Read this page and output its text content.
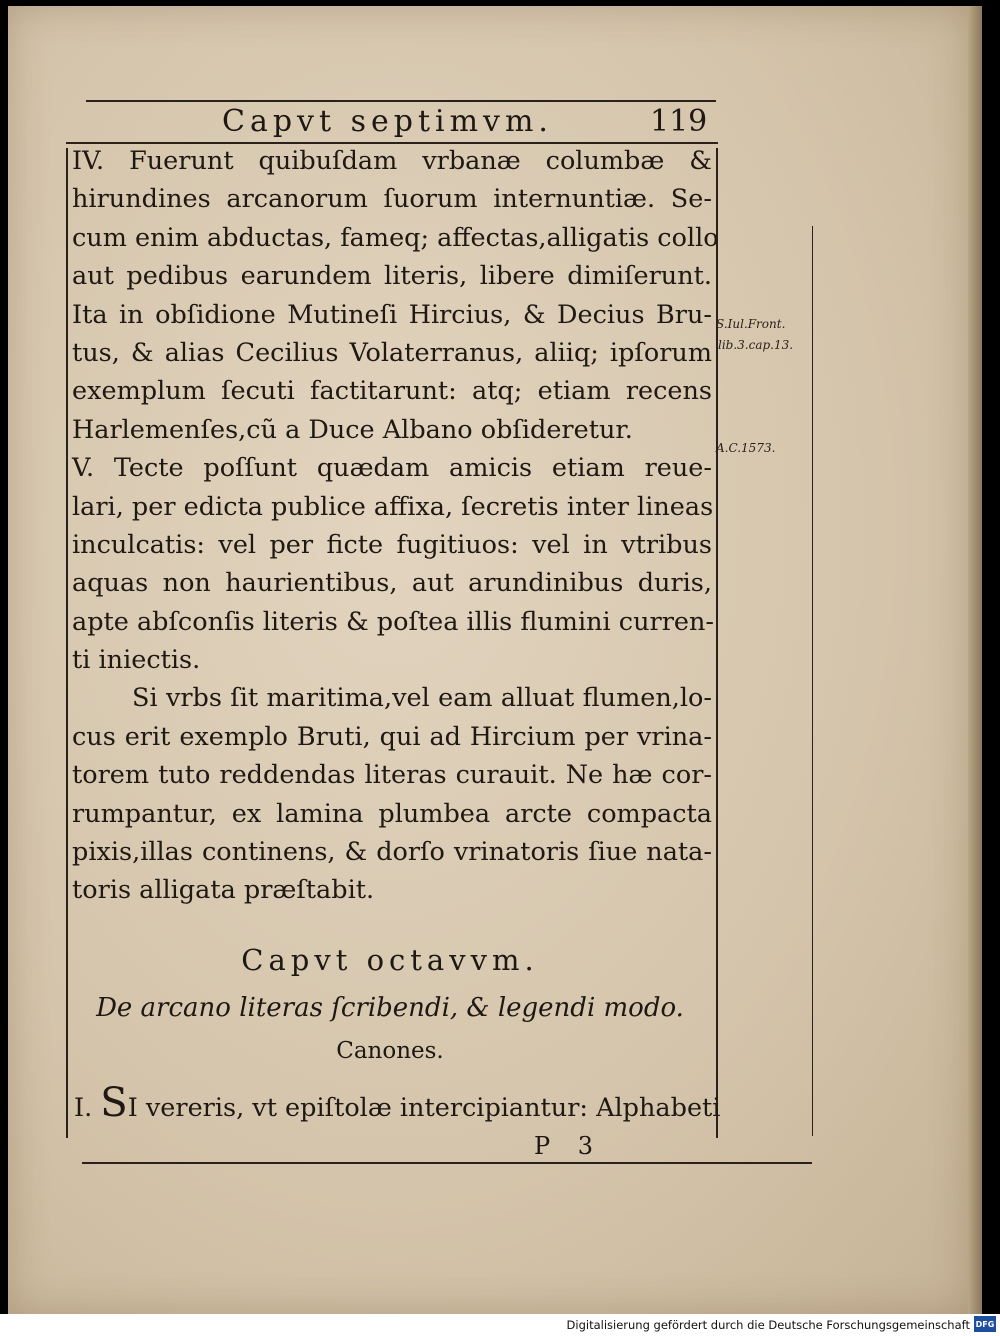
Capvt septimvm.	119
IV. Fuerunt quibuſdam vrbanæ columbæ &
hirundines arcanorum ſuorum internuntiæ. Se-
cum enim abductas, fameq; affectas,alligatis collo
aut pedibus earundem literis, libere dimiſerunt.
Ita in obſidione Mutineſi Hircius, & Decius Bru-
tus, & alias Cecilius Volaterranus, aliiq; ipſorum
exemplum ſecuti factitarunt: atq; etiam recens
Harlemenſes,cũ a Duce Albano obſideretur.
V. Tecte poſſunt quædam amicis etiam reue-
lari, per edicta publice affixa, ſecretis inter lineas
inculcatis: vel per ficte fugitiuos: vel in vtribus
aquas non haurientibus, aut arundinibus duris,
apte abſconſis literis & poſtea illis flumini curren-
ti iniectis.
Si vrbs ſit maritima,vel eam alluat flumen,lo-
cus erit exemplo Bruti, qui ad Hircium per vrina-
torem tuto reddendas literas curauit. Ne hæ cor-
rumpantur, ex lamina plumbea arcte compacta
pixis,illas continens, & dorſo vrinatoris ſiue nata-
toris alligata præſtabit.
S.Iul.Front.
lib.3.cap.13.
A.C.1573.
Capvt octavvm.
De arcano literas ſcribendi, & legendi modo.
Canones.
I. SI vereris, vt epiſtolæ intercipiantur: Alphabeti
P 3
Digitalisierung gefördert durch die Deutsche Forschungsgemeinschaft DFG
